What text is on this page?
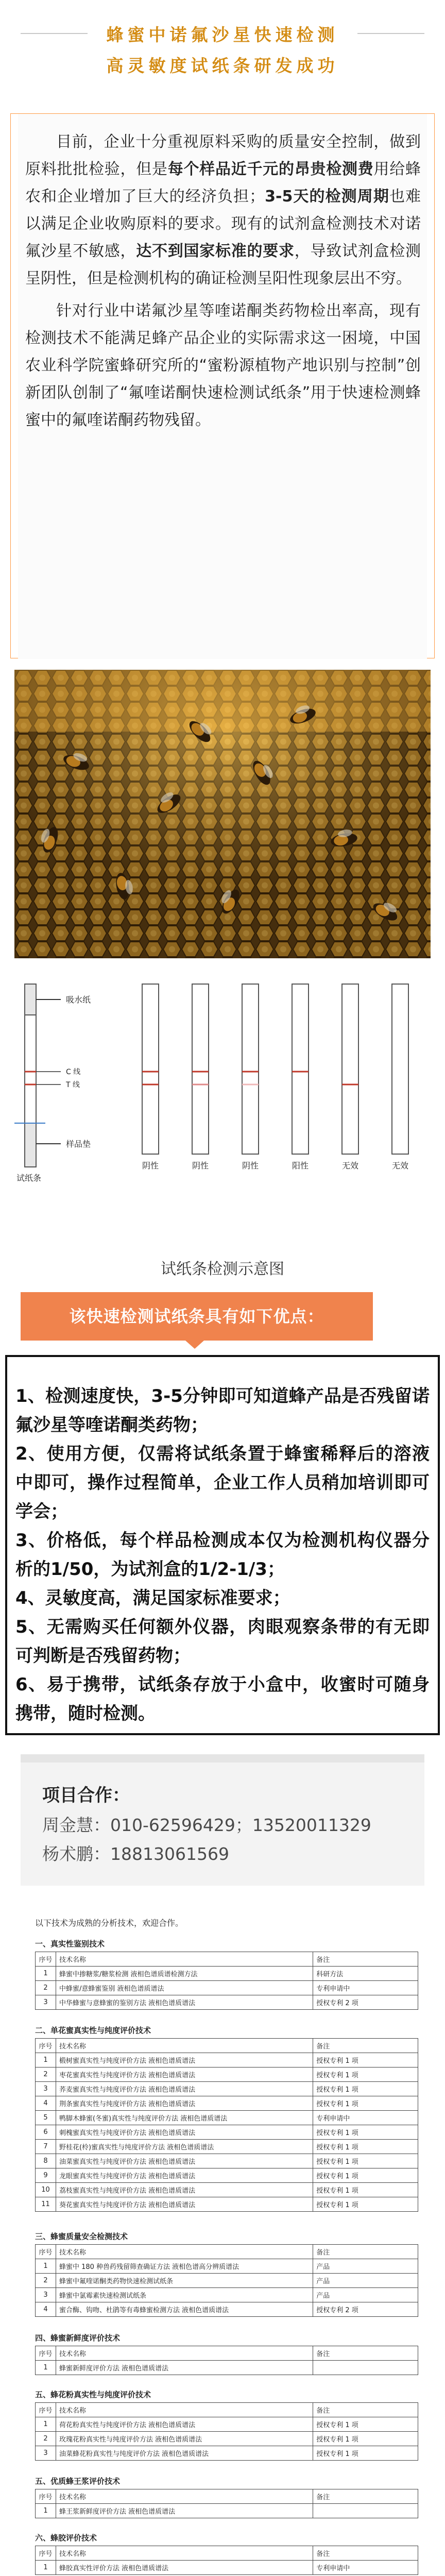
蜂蜜中诺氟沙星快速检测
高灵敏度试纸条研发成功

目前，企业十分重视原料采购的质量安全控制，做到原料批批检验，但是每个样品近千元的昂贵检测费用给蜂农和企业增加了巨大的经济负担；3-5天的检测周期也难以满足企业收购原料的要求。现有的试剂盒检测技术对诺氟沙星不敏感，达不到国家标准的要求，导致试剂盒检测呈阴性，但是检测机构的确证检测呈阳性现象层出不穷。

针对行业中诺氟沙星等喹诺酮类药物检出率高，现有检测技术不能满足蜂产品企业的实际需求这一困境，中国农业科学院蜜蜂研究所的“蜜粉源植物产地识别与控制”创新团队创制了“氟喹诺酮快速检测试纸条”用于快速检测蜂蜜中的氟喹诺酮药物残留。

吸水纸
C 线
T 线
样品垫
试纸条
阴性	阴性	阴性	阳性	无效	无效
试纸条检测示意图
该快速检测试纸条具有如下优点：
1、检测速度快，3-5分钟即可知道蜂产品是否残留诺氟沙星等喹诺酮类药物；
2、使用方便，仅需将试纸条置于蜂蜜稀释后的溶液中即可，操作过程简单，企业工作人员稍加培训即可学会；
3、价格低，每个样品检测成本仅为检测机构仪器分析的1/50，为试剂盒的1/2-1/3；
4、灵敏度高，满足国家标准要求；
5、无需购买任何额外仪器，肉眼观察条带的有无即可判断是否残留药物；
6、易于携带，试纸条存放于小盒中，收蜜时可随身携带，随时检测。
项目合作：
周金慧：010-62596429；13520011329
杨术鹏：18813061569
以下技术为成熟的分析技术，欢迎合作。
一、真实性鉴别技术
序号	技术名称	备注
1	蜂蜜中掺糖浆/糖浆检测 液相色谱质谱检测方法	科研方法
2	中蜂蜜/意蜂蜜鉴别 液相色谱质谱法	专利申请中
3	中华蜂蜜与意蜂蜜的鉴别方法 液相色谱质谱法	授权专利 2 项
二、单花蜜真实性与纯度评价技术
序号	技术名称	备注
1	椴树蜜真实性与纯度评价方法 液相色谱质谱法	授权专利 1 项
2	枣花蜜真实性与纯度评价方法 液相色谱质谱法	授权专利 1 项
3	荞麦蜜真实性与纯度评价方法 液相色谱质谱法	授权专利 1 项
4	荆条蜜真实性与纯度评价方法 液相色谱质谱法	授权专利 1 项
5	鸭脚木蜂蜜(冬蜜)真实性与纯度评价方法 液相色谱质谱法	专利申请中
6	刺槐蜜真实性与纯度评价方法 液相色谱质谱法	授权专利 1 项
7	野桂花(柃)蜜真实性与纯度评价方法 液相色谱质谱法	授权专利 1 项
8	油菜蜜真实性与纯度评价方法 液相色谱质谱法	授权专利 1 项
9	龙眼蜜真实性与纯度评价方法 液相色谱质谱法	授权专利 1 项
10	荔枝蜜真实性与纯度评价方法 液相色谱质谱法	授权专利 1 项
11	葵花蜜真实性与纯度评价方法 液相色谱质谱法	授权专利 1 项
三、蜂蜜质量安全检测技术
序号	技术名称	备注
1	蜂蜜中 180 种兽药残留筛查确证方法 液相色谱高分辨质谱法	产品
2	蜂蜜中氟喹诺酮类药物快速检测试纸条	产品
3	蜂蜜中氯霉素快速检测试纸条	产品
4	蜜合酶、钩吻、杜鹃等有毒蜂蜜检测方法 液相色谱质谱法	授权专利 2 项
四、蜂蜜新鲜度评价技术
序号	技术名称	备注
1	蜂蜜新鲜度评价方法 液相色谱质谱法	
五、蜂花粉真实性与纯度评价技术
序号	技术名称	备注
1	荷花粉真实性与纯度评价方法 液相色谱质谱法	授权专利 1 项
2	玫瑰花粉真实性与纯度评价方法 液相色谱质谱法	授权专利 1 项
3	油菜蜂花粉真实性与纯度评价方法 液相色谱质谱法	授权专利 1 项
五、优质蜂王浆评价技术
序号	技术名称	备注
1	蜂王浆新鲜度评价方法 液相色谱质谱法	
六、蜂胶评价技术
序号	技术名称	备注
1	蜂胶真实性评价方法 液相色谱质谱法	专利申请中
